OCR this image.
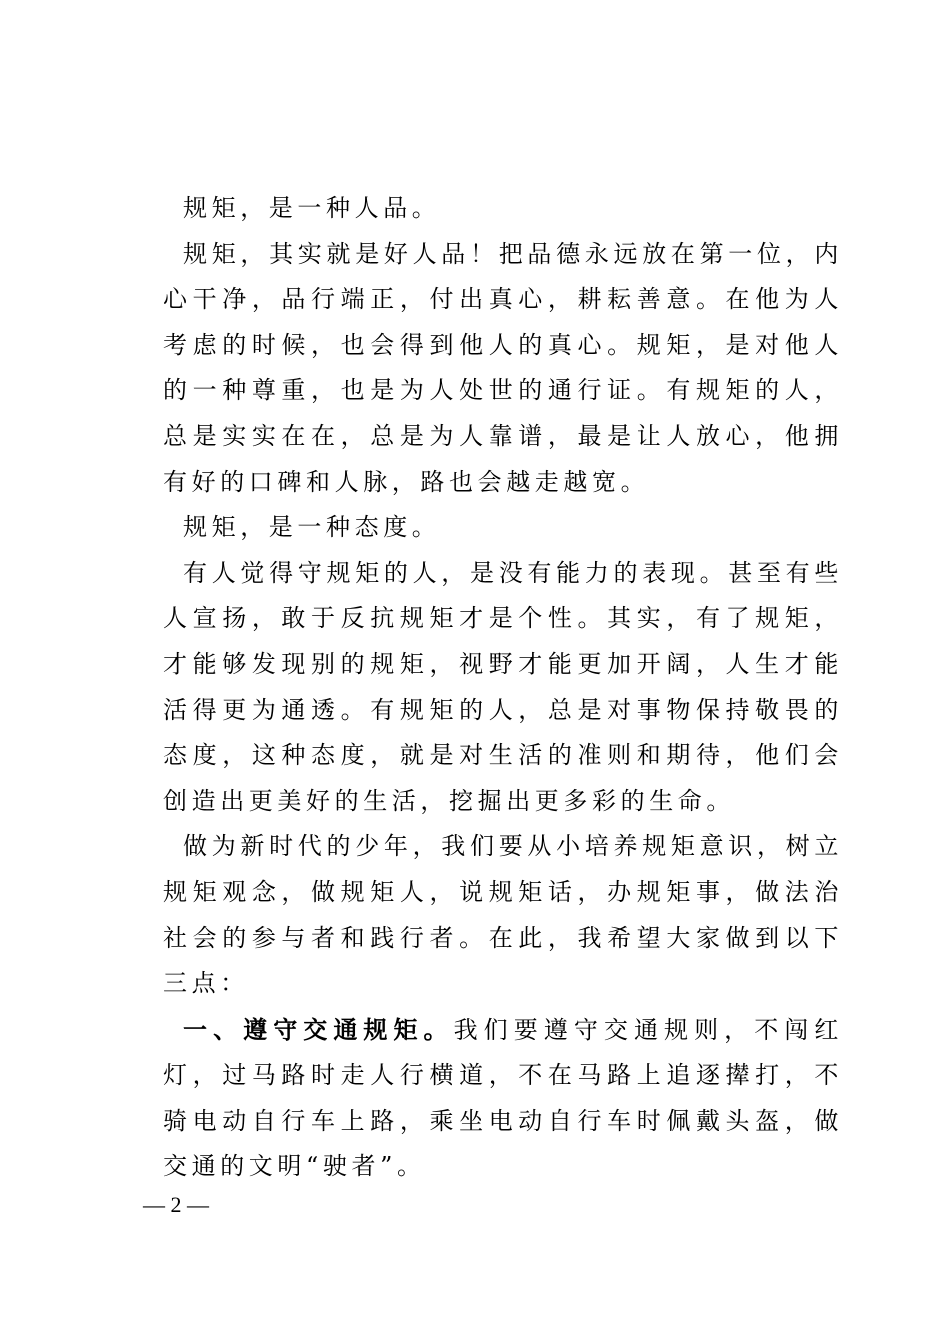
规矩，是一种人品。

规矩，其实就是好人品！把品德永远放在第一位，内心干净，品行端正，付出真心，耕耘善意。在他为人考虑的时候，也会得到他人的真心。规矩，是对他人的一种尊重，也是为人处世的通行证。有规矩的人，总是实实在在，总是为人靠谱，最是让人放心，他拥有好的口碑和人脉，路也会越走越宽。

规矩，是一种态度。

有人觉得守规矩的人，是没有能力的表现。甚至有些人宣扬，敢于反抗规矩才是个性。其实，有了规矩，才能够发现别的规矩，视野才能更加开阔，人生才能活得更为通透。有规矩的人，总是对事物保持敬畏的态度，这种态度，就是对生活的准则和期待，他们会创造出更美好的生活，挖掘出更多彩的生命。

做为新时代的少年，我们要从小培养规矩意识，树立规矩观念，做规矩人，说规矩话，办规矩事，做法治社会的参与者和践行者。在此，我希望大家做到以下三点：

一、遵守交通规矩。我们要遵守交通规则，不闯红灯，过马路时走人行横道，不在马路上追逐撵打，不骑电动自行车上路，乘坐电动自行车时佩戴头盔，做交通的文明“驶者”。

— 2 —
